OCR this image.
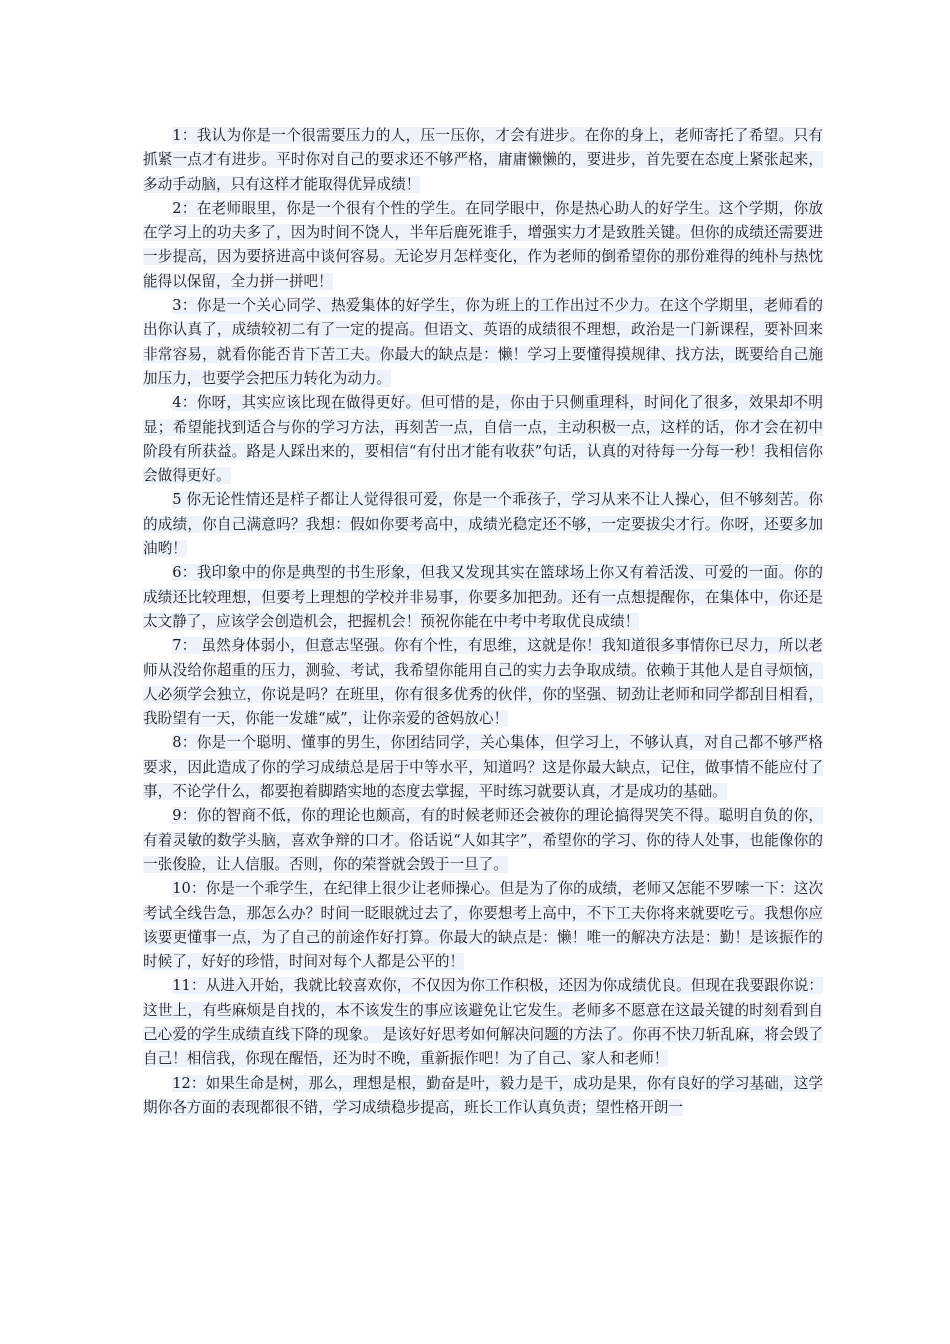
1：我认为你是一个很需要压力的人，压一压你，才会有进步。在你的身上，老师寄托了希望。只有抓紧一点才有进步。平时你对自己的要求还不够严格，庸庸懒懒的，要进步，首先要在态度上紧张起来，多动手动脑，只有这样才能取得优异成绩！

2：在老师眼里，你是一个很有个性的学生。在同学眼中，你是热心助人的好学生。这个学期，你放在学习上的功夫多了，因为时间不饶人，半年后鹿死谁手，增强实力才是致胜关键。但你的成绩还需要进一步提高，因为要挤进高中谈何容易。无论岁月怎样变化，作为老师的倒希望你的那份难得的纯朴与热忱能得以保留，全力拼一拼吧！

3：你是一个关心同学、热爱集体的好学生，你为班上的工作出过不少力。在这个学期里，老师看的出你认真了，成绩较初二有了一定的提高。但语文、英语的成绩很不理想，政治是一门新课程，要补回来非常容易，就看你能否肯下苦工夫。你最大的缺点是：懒！学习上要懂得摸规律、找方法，既要给自己施加压力，也要学会把压力转化为动力。

4：你呀，其实应该比现在做得更好。但可惜的是，你由于只侧重理科，时间化了很多，效果却不明显；希望能找到适合与你的学习方法，再刻苦一点，自信一点，主动积极一点，这样的话，你才会在初中阶段有所获益。路是人踩出来的，要相信“有付出才能有收获”句话，认真的对待每一分每一秒！我相信你会做得更好。

5 你无论性情还是样子都让人觉得很可爱，你是一个乖孩子，学习从来不让人操心，但不够刻苦。你的成绩，你自己满意吗？我想：假如你要考高中，成绩光稳定还不够，一定要拔尖才行。你呀，还要多加油哟！

6：我印象中的你是典型的书生形象，但我又发现其实在篮球场上你又有着活泼、可爱的一面。你的成绩还比较理想，但要考上理想的学校并非易事，你要多加把劲。还有一点想提醒你，在集体中，你还是太文静了，应该学会创造机会，把握机会！预祝你能在中考中考取优良成绩！

7： 虽然身体弱小，但意志坚强。你有个性，有思维，这就是你！我知道很多事情你已尽力，所以老师从没给你超重的压力，测验、考试，我希望你能用自己的实力去争取成绩。依赖于其他人是自寻烦恼，人必须学会独立，你说是吗？在班里，你有很多优秀的伙伴，你的坚强、韧劲让老师和同学都刮目相看，我盼望有一天，你能一发雄“威”，让你亲爱的爸妈放心！

8：你是一个聪明、懂事的男生，你团结同学，关心集体，但学习上，不够认真，对自己都不够严格要求，因此造成了你的学习成绩总是居于中等水平，知道吗？这是你最大缺点，记住，做事情不能应付了事，不论学什么，都要抱着脚踏实地的态度去掌握，平时练习就要认真，才是成功的基础。

9：你的智商不低，你的理论也颇高，有的时候老师还会被你的理论搞得哭笑不得。聪明自负的你，有着灵敏的数学头脑，喜欢争辩的口才。俗话说“人如其字”，希望你的学习、你的待人处事，也能像你的一张俊脸，让人信服。否则，你的荣誉就会毁于一旦了。

10：你是一个乖学生，在纪律上很少让老师操心。但是为了你的成绩，老师又怎能不罗嗦一下：这次考试全线告急，那怎么办？时间一眨眼就过去了，你要想考上高中，不下工夫你将来就要吃亏。我想你应该要更懂事一点，为了自己的前途作好打算。你最大的缺点是：懒！唯一的解决方法是：勤！是该振作的时候了，好好的珍惜，时间对每个人都是公平的！

11：从进入开始，我就比较喜欢你，不仅因为你工作积极，还因为你成绩优良。但现在我要跟你说：这世上，有些麻烦是自找的，本不该发生的事应该避免让它发生。老师多不愿意在这最关键的时刻看到自己心爱的学生成绩直线下降的现象。 是该好好思考如何解决问题的方法了。你再不快刀斩乱麻，将会毁了自己！相信我，你现在醒悟，还为时不晚，重新振作吧！为了自己、家人和老师！

12：如果生命是树，那么，理想是根，勤奋是叶，毅力是干，成功是果，你有良好的学习基础，这学期你各方面的表现都很不错，学习成绩稳步提高，班长工作认真负责；望性格开朗一
